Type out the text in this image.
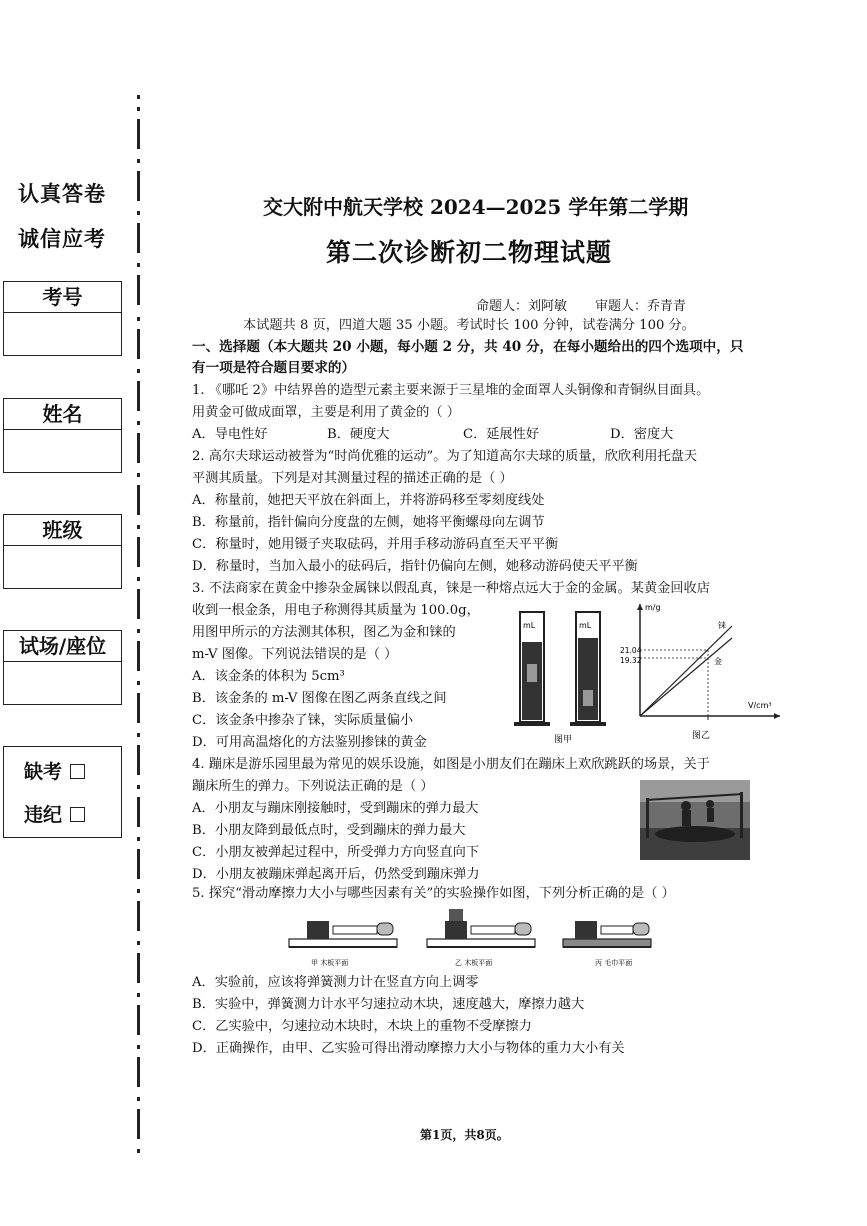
认真答卷
诚信应考
考号
姓名
班级
试场/座位
缺考
违纪
交大附中航天学校 2024—2025 学年第二学期
第二次诊断初二物理试题
命题人：刘阿敏 审题人：乔青青
本试题共 8 页，四道大题 35 小题。考试时长 100 分钟，试卷满分 100 分。
一、选择题（本大题共 20 小题，每小题 2 分，共 40 分，在每小题给出的四个选项中，只
有一项是符合题目要求的）
1. 《哪吒 2》中结界兽的造型元素主要来源于三星堆的金面罩人头铜像和青铜纵目面具。
用黄金可做成面罩，主要是利用了黄金的（ ）
A．导电性好	B．硬度大	C．延展性好	D．密度大
2. 高尔夫球运动被誉为“时尚优雅的运动”。为了知道高尔夫球的质量，欣欣利用托盘天
平测其质量。下列是对其测量过程的描述正确的是（ ）
A．称量前，她把天平放在斜面上，并将游码移至零刻度线处
B．称量前，指针偏向分度盘的左侧，她将平衡螺母向左调节
C．称量时，她用镊子夹取砝码，并用手移动游码直至天平平衡
D．称量时，当加入最小的砝码后，指针仍偏向左侧，她移动游码使天平平衡
3. 不法商家在黄金中掺杂金属铼以假乱真，铼是一种熔点远大于金的金属。某黄金回收店
收到一根金条，用电子称测得其质量为 100.0g，
用图甲所示的方法测其体积，图乙为金和铼的
m-V 图像。下列说法错误的是（ ）
A．该金条的体积为 5cm³
B．该金条的 m-V 图像在图乙两条直线之间
C．该金条中掺杂了铼，实际质量偏小
D．可用高温熔化的方法鉴别掺铼的黄金
mL	mL
图甲
m/g
V/cm³
21.04
19.32
铼
金
图乙
4. 蹦床是游乐园里最为常见的娱乐设施，如图是小朋友们在蹦床上欢欣跳跃的场景，关于
蹦床所生的弹力。下列说法正确的是（ ）
A．小朋友与蹦床刚接触时，受到蹦床的弹力最大
B．小朋友降到最低点时，受到蹦床的弹力最大
C．小朋友被弹起过程中，所受弹力方向竖直向下
D．小朋友被蹦床弹起离开后，仍然受到蹦床弹力
5. 探究“滑动摩擦力大小与哪些因素有关”的实验操作如图，下列分析正确的是（ ）
甲 木板平面	乙 木板平面	丙 毛巾平面
A．实验前，应该将弹簧测力计在竖直方向上调零
B．实验中，弹簧测力计水平匀速拉动木块，速度越大，摩擦力越大
C．乙实验中，匀速拉动木块时，木块上的重物不受摩擦力
D．正确操作，由甲、乙实验可得出滑动摩擦力大小与物体的重力大小有关
第1页，共8页。
